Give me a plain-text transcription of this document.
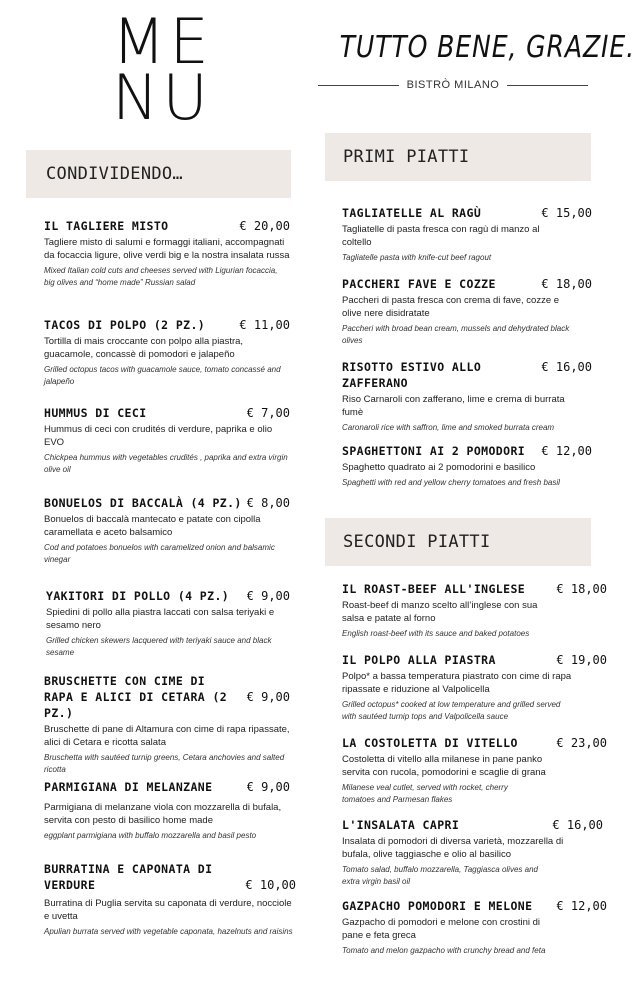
ME
NU
TUTTO BENE, GRAZIE.
BISTRÒ MILANO
CONDIVIDENDO…
PRIMI PIATTI
SECONDI PIATTI
IL TAGLIERE MISTO	€ 20,00
Tagliere misto di salumi e formaggi italiani, accompagnati da focaccia ligure, olive verdi big e la nostra insalata russa
Mixed Italian cold cuts and cheeses served with Ligurian focaccia, big olives and “home made” Russian salad
TACOS DI POLPO (2 PZ.)	€ 11,00
Tortilla di mais croccante con polpo alla piastra, guacamole, concassè di pomodori e jalapeño
Grilled octopus tacos with guacamole sauce, tomato concassé and jalapeño
HUMMUS DI CECI	€ 7,00
Hummus di ceci con crudités di verdure, paprika e olio EVO
Chickpea hummus with vegetables crudités , paprika and extra virgin olive oil
BONUELOS DI BACCALÀ (4 PZ.) € 8,00
Bonuelos di baccalà mantecato e patate con cipolla caramellata e aceto balsamico
Cod and potatoes bonuelos with caramelized onion and balsamic vinegar
YAKITORI DI POLLO (4 PZ.) € 9,00
Spiedini di pollo alla piastra laccati con salsa teriyaki e sesamo nero
Grilled chicken skewers lacquered with teriyaki sauce and black sesame
BRUSCHETTE CON CIME DI RAPA E ALICI DI CETARA (2 PZ.)
€ 9,00
Bruschette di pane di Altamura con cime di rapa ripassate, alici di Cetara e ricotta salata
Bruschetta with sautéed turnip greens, Cetara anchovies and salted ricotta
PARMIGIANA DI MELANZANE	€ 9,00
Parmigiana di melanzane viola con mozzarella di bufala, servita con pesto di basilico home made
eggplant parmigiana with buffalo mozzarella and basil pesto
BURRATINA E CAPONATA DI VERDURE	€ 10,00
Burratina di Puglia servita su caponata di verdure, nocciole e uvetta
Apulian burrata served with vegetable caponata, hazelnuts and raisins
TAGLIATELLE AL RAGÙ	€ 15,00
Tagliatelle di pasta fresca con ragù di manzo al coltello
Tagliatelle pasta with knife-cut beef ragout
PACCHERI FAVE E COZZE	€ 18,00
Paccheri di pasta fresca con crema di fave, cozze e olive nere disidratate
Paccheri with broad bean cream, mussels and dehydrated black olives
RISOTTO ESTIVO ALLO ZAFFERANO
€ 16,00
Riso Carnaroli con zafferano, lime e crema di burrata fumè
Caronaroli rice with saffron, lime and smoked burrata cream
SPAGHETTONI AI 2 POMODORI € 12,00
Spaghetto quadrato ai 2 pomodorini e basilico
Spaghetti with red and yellow cherry tomatoes and fresh basil
IL ROAST-BEEF ALL'INGLESE	€ 18,00
Roast-beef di manzo scelto all’inglese con sua salsa e patate al forno
English roast-beef with its sauce and baked potatoes
IL POLPO ALLA PIASTRA	€ 19,00
Polpo* a bassa temperatura piastrato con cime di rapa ripassate e riduzione al Valpolicella
Grilled octopus* cooked at low temperature and grilled served with sautéed turnip tops and Valpolicella sauce
LA COSTOLETTA DI VITELLO	€ 23,00
Costoletta di vitello alla milanese in pane panko servita con rucola, pomodorini e scaglie di grana
Milanese veal cutlet, served with rocket, cherry tomatoes and Parmesan flakes
L'INSALATA CAPRI	€ 16,00
Insalata di pomodori di diversa varietà, mozzarella di bufala, olive taggiasche e olio al basilico
Tomato salad, buffalo mozzarella, Taggiasca olives and extra virgin basil oil
GAZPACHO POMODORI E MELONE € 12,00
Gazpacho di pomodori e melone con crostini di pane e feta greca
Tomato and melon gazpacho with crunchy bread and feta
